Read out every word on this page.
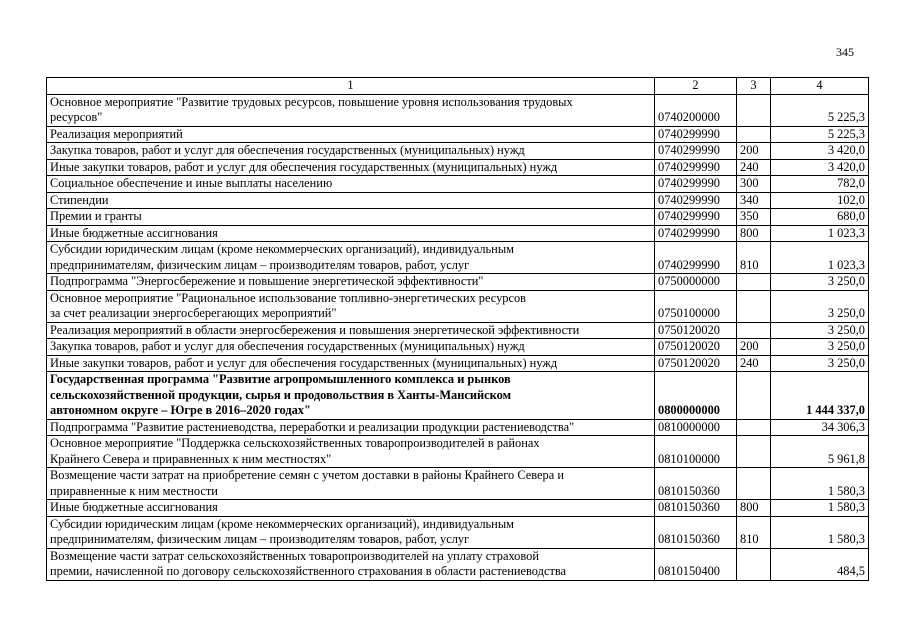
345
1	2	3	4
Основное мероприятие "Развитие трудовых ресурсов, повышение уровня использования трудовых
ресурсов"	0740200000		5 225,3
Реализация мероприятий	0740299990		5 225,3
Закупка товаров, работ и услуг для обеспечения государственных (муниципальных) нужд	0740299990	200	3 420,0
Иные закупки товаров, работ и услуг для обеспечения государственных (муниципальных) нужд	0740299990	240	3 420,0
Социальное обеспечение и иные выплаты населению	0740299990	300	782,0
Стипендии	0740299990	340	102,0
Премии и гранты	0740299990	350	680,0
Иные бюджетные ассигнования	0740299990	800	1 023,3
Субсидии юридическим лицам (кроме некоммерческих организаций), индивидуальным
предпринимателям, физическим лицам – производителям товаров, работ, услуг	0740299990	810	1 023,3
Подпрограмма "Энергосбережение и повышение энергетической эффективности"	0750000000		3 250,0
Основное мероприятие "Рациональное использование топливно-энергетических ресурсов
за счет реализации энергосберегающих мероприятий"	0750100000		3 250,0
Реализация мероприятий в области энергосбережения и повышения энергетической эффективности	0750120020		3 250,0
Закупка товаров, работ и услуг для обеспечения государственных (муниципальных) нужд	0750120020	200	3 250,0
Иные закупки товаров, работ и услуг для обеспечения государственных (муниципальных) нужд	0750120020	240	3 250,0
Государственная программа "Развитие агропромышленного комплекса и рынков
сельскохозяйственной продукции, сырья и продовольствия в Ханты-Мансийском
автономном округе – Югре в 2016–2020 годах"	0800000000		1 444 337,0
Подпрограмма "Развитие растениеводства, переработки и реализации продукции растениеводства"	0810000000		34 306,3
Основное мероприятие "Поддержка сельскохозяйственных товаропроизводителей в районах
Крайнего Севера и приравненных к ним местностях"	0810100000		5 961,8
Возмещение части затрат на приобретение семян с учетом доставки в районы Крайнего Севера и
приравненные к ним местности	0810150360		1 580,3
Иные бюджетные ассигнования	0810150360	800	1 580,3
Субсидии юридическим лицам (кроме некоммерческих организаций), индивидуальным
предпринимателям, физическим лицам – производителям товаров, работ, услуг	0810150360	810	1 580,3
Возмещение части затрат сельскохозяйственных товаропроизводителей на уплату страховой
премии, начисленной по договору сельскохозяйственного страхования в области растениеводства	0810150400		484,5
